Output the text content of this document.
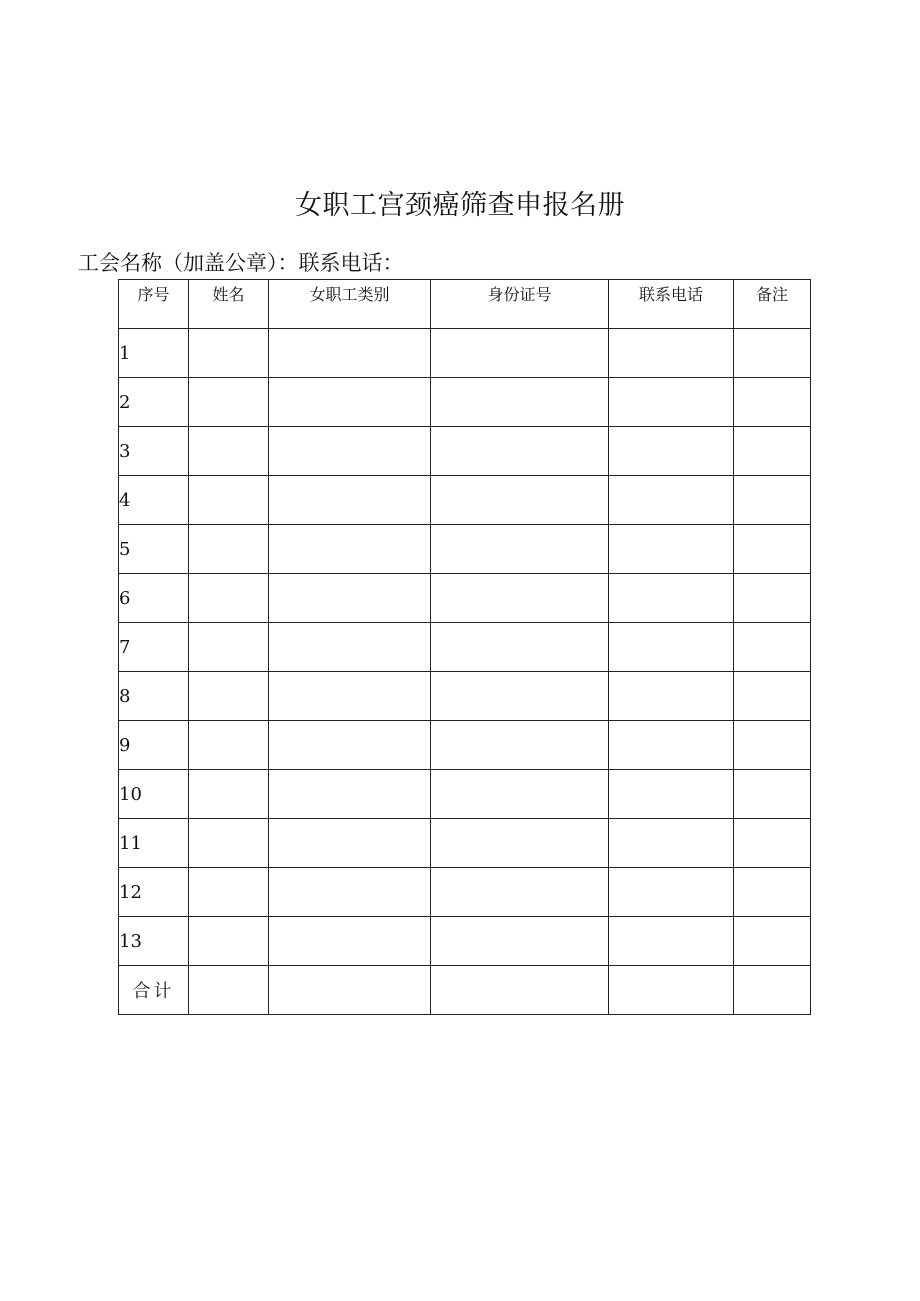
女职工宫颈癌筛查申报名册
工会名称（加盖公章）：联系电话：
序号	姓名	女职工类别	身份证号	联系电话	备注
1					
2					
3					
4					
5					
6					
7					
8					
9					
10					
11					
12					
13					
合计					
